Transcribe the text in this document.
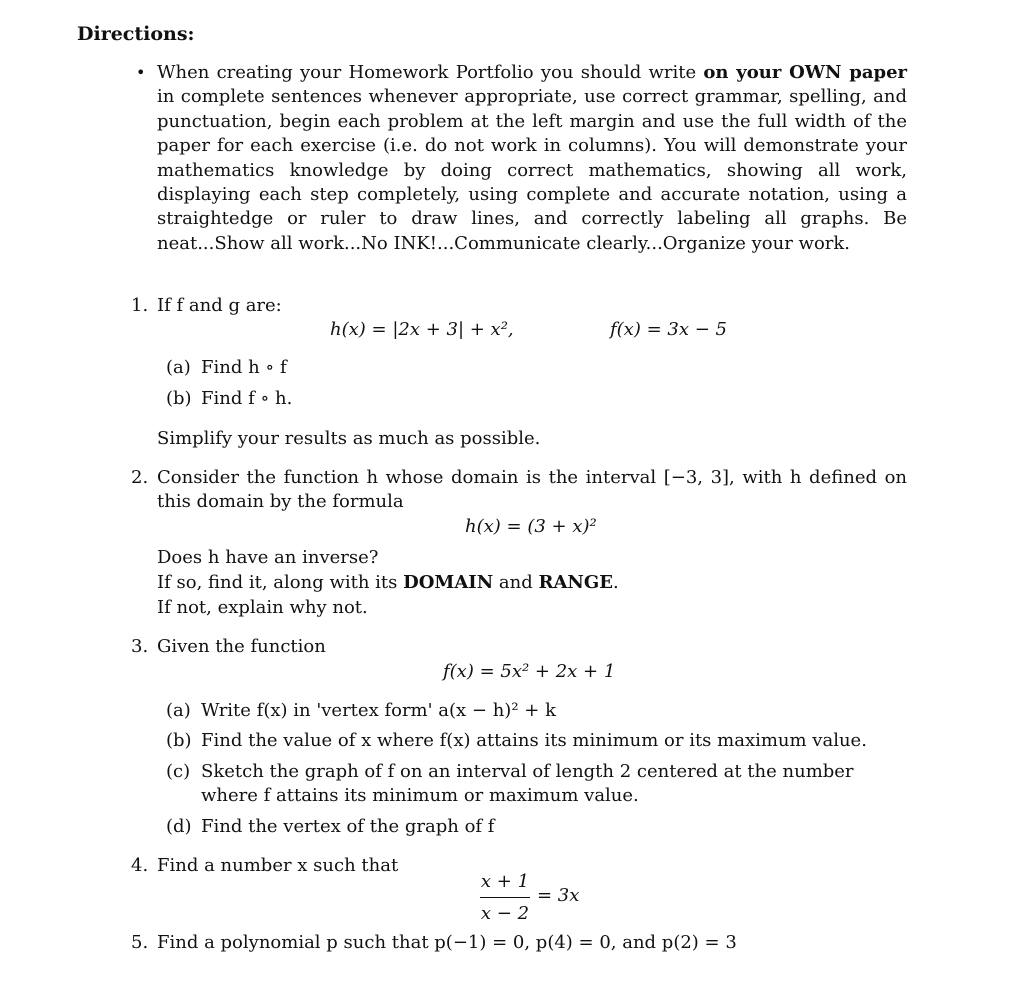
Directions:
• When creating your Homework Portfolio you should write on your OWN paper in complete sentences whenever appropriate, use correct grammar, spelling, and punctuation, begin each problem at the left margin and use the full width of the paper for each exercise (i.e. do not work in columns). You will demonstrate your mathematics knowledge by doing correct mathematics, showing all work, displaying each step completely, using complete and accurate notation, using a straightedge or ruler to draw lines, and correctly labeling all graphs. Be neat...Show all work...No INK!...Communicate clearly...Organize your work.
1. If f and g are:
h(x) = |2x + 3| + x²,	f(x) = 3x − 5
(a) Find h ∘ f
(b) Find f ∘ h.
Simplify your results as much as possible.
2. Consider the function h whose domain is the interval [−3, 3], with h defined on this domain by the formula
h(x) = (3 + x)²
Does h have an inverse?
If so, find it, along with its DOMAIN and RANGE.
If not, explain why not.
3. Given the function
f(x) = 5x² + 2x + 1
(a) Write f(x) in 'vertex form' a(x − h)² + k
(b) Find the value of x where f(x) attains its minimum or its maximum value.
(c) Sketch the graph of f on an interval of length 2 centered at the number where f attains its minimum or maximum value.
(d) Find the vertex of the graph of f
4. Find a number x such that
x + 1
x − 2
= 3x
5. Find a polynomial p such that p(−1) = 0, p(4) = 0, and p(2) = 3
